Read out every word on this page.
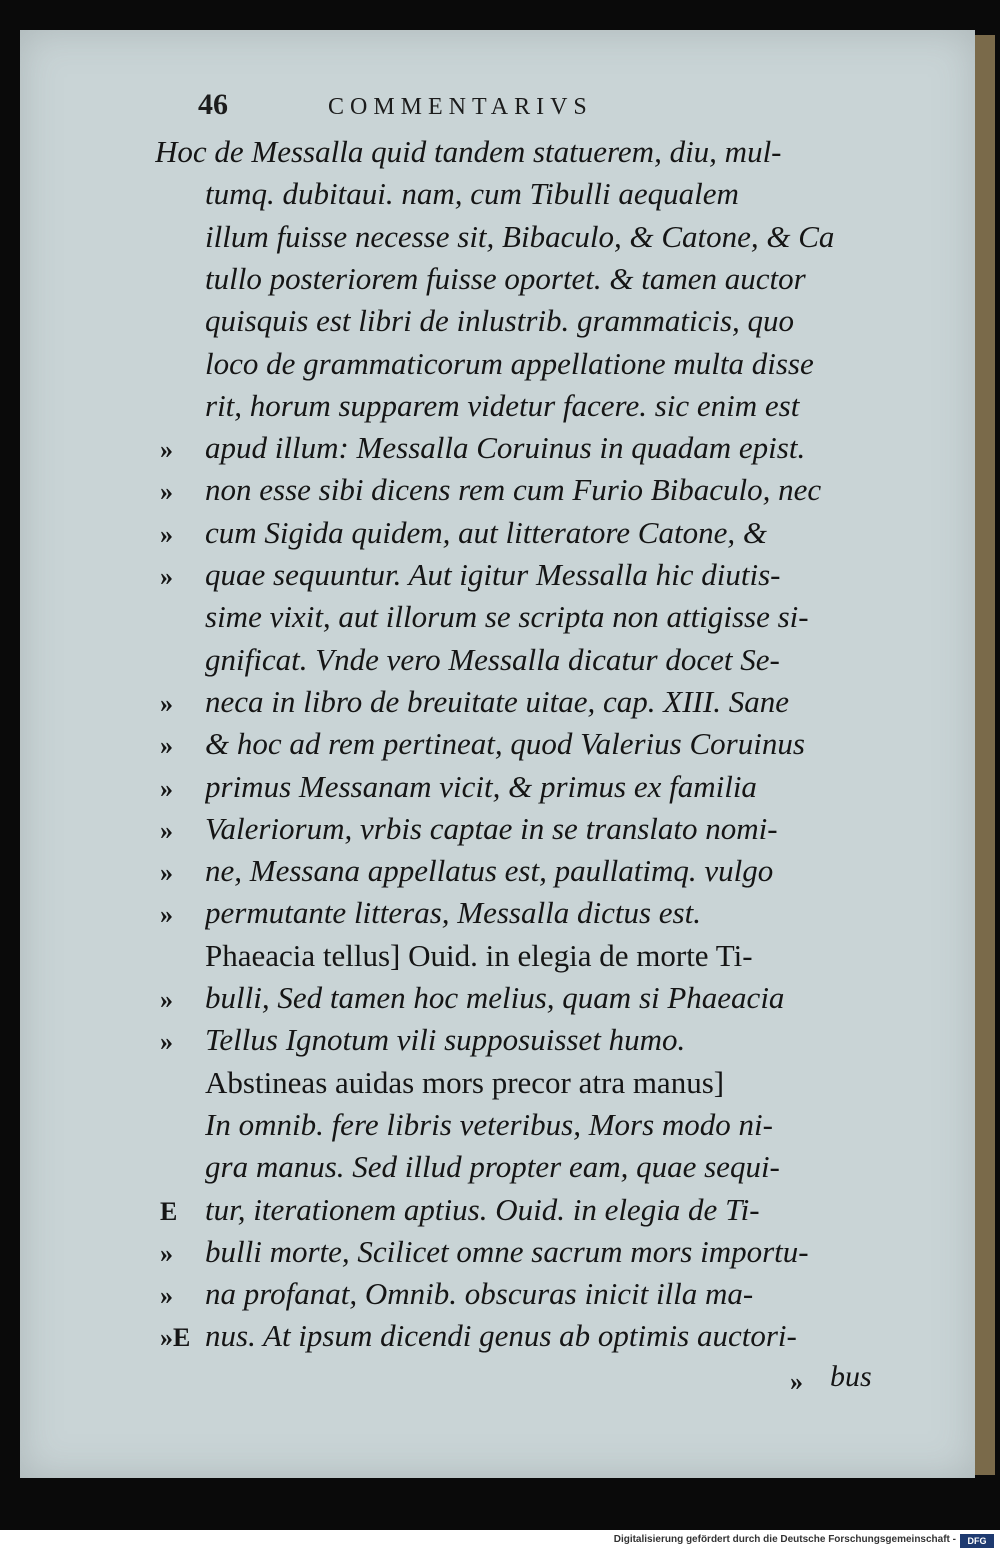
46	COMMENTARIVS
Hoc de Messalla quid tandem statuerem, diu, mul-
tumq. dubitaui. nam, cum Tibulli aequalem
illum fuisse necesse sit, Bibaculo, & Catone, & Ca
tullo posteriorem fuisse oportet. & tamen auctor
quisquis est libri de inlustrib. grammaticis, quo
loco de grammaticorum appellatione multa disse
rit, horum supparem videtur facere. sic enim est
apud illum: Messalla Coruinus in quadam epist.
non esse sibi dicens rem cum Furio Bibaculo, nec
cum Sigida quidem, aut litteratore Catone, &
quae sequuntur. Aut igitur Messalla hic diutis-
sime vixit, aut illorum se scripta non attigisse si-
gnificat. Vnde vero Messalla dicatur docet Se-
neca in libro de breuitate uitae, cap. XIII. Sane
& hoc ad rem pertineat, quod Valerius Coruinus
primus Messanam vicit, & primus ex familia
Valeriorum, vrbis captae in se translato nomi-
ne, Messana appellatus est, paullatimq. vulgo
permutante litteras, Messalla dictus est.
Phaeacia tellus] Ouid. in elegia de morte Ti-
bulli, Sed tamen hoc melius, quam si Phaeacia
Tellus Ignotum vili supposuisset humo.
Abstineas auidas mors precor atra manus]
In omnib. fere libris veteribus, Mors modo ni-
gra manus. Sed illud propter eam, quae sequi-
tur, iterationem aptius. Ouid. in elegia de Ti-
bulli morte, Scilicet omne sacrum mors importu-
na profanat, Omnib. obscuras inicit illa ma-
nus. At ipsum dicendi genus ab optimis auctori-
»
»
»
»
»
»
»
»
»
»
»
»
E
»
»
»E
» bus
Digitalisierung gefördert durch die Deutsche Forschungsgemeinschaft -	DFG
